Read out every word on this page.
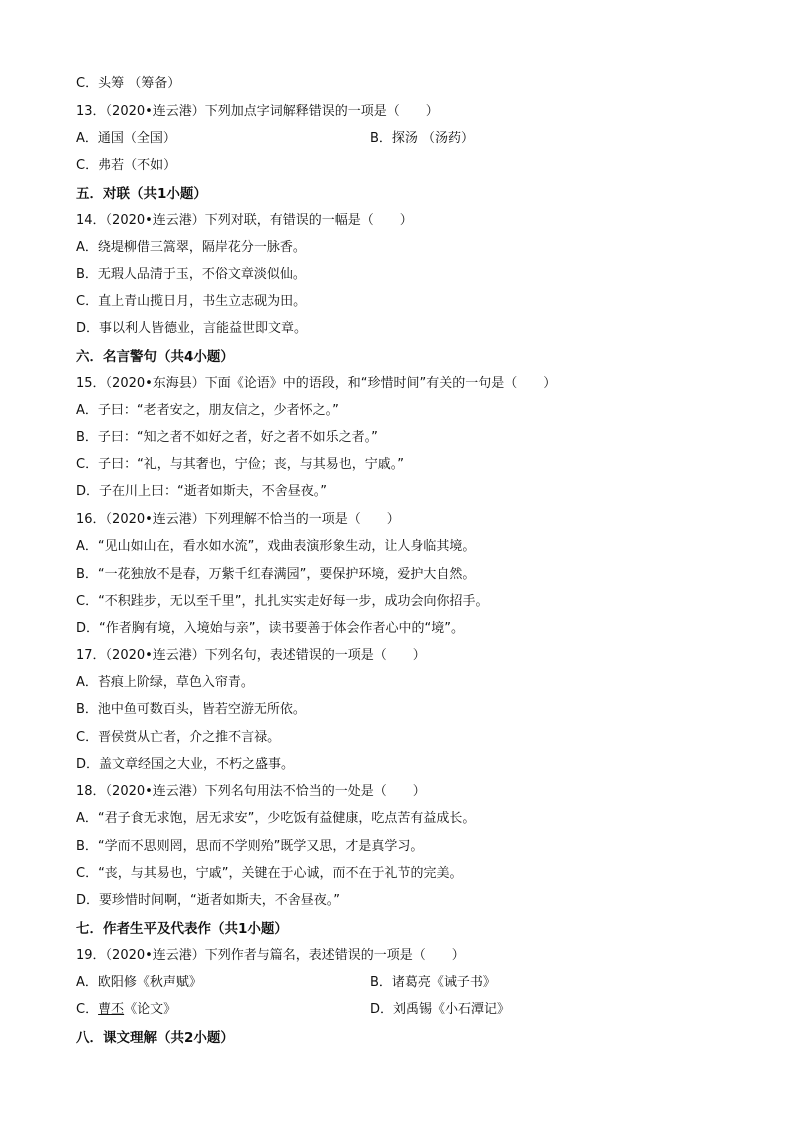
C．头筹 （筹备）
13．（2020•连云港）下列加点字词解释错误的一项是（　　）
A．通国（全国）	B．探汤 （汤药）
C．弗若（不如）
五．对联（共1小题）
14．（2020•连云港）下列对联，有错误的一幅是（　　）
A．绕堤柳借三篙翠，隔岸花分一脉香。
B．无瑕人品清于玉，不俗文章淡似仙。
C．直上青山揽日月，书生立志砚为田。
D．事以利人皆德业，言能益世即文章。
六．名言警句（共4小题）
15．（2020•东海县）下面《论语》中的语段，和“珍惜时间”有关的一句是（　　）
A．子曰：“老者安之，朋友信之，少者怀之。”
B．子曰：“知之者不如好之者，好之者不如乐之者。”
C．子曰：“礼，与其奢也，宁俭；丧，与其易也，宁戚。”
D．子在川上曰：“逝者如斯夫，不舍昼夜。”
16．（2020•连云港）下列理解不恰当的一项是（　　）
A．“见山如山在，看水如水流”，戏曲表演形象生动，让人身临其境。
B．“一花独放不是春，万紫千红春满园”，要保护环境，爱护大自然。
C．“不积跬步，无以至千里”，扎扎实实走好每一步，成功会向你招手。
D．“作者胸有境，入境始与亲”，读书要善于体会作者心中的“境”。
17．（2020•连云港）下列名句，表述错误的一项是（　　）
A．苔痕上阶绿，草色入帘青。
B．池中鱼可数百头，皆若空游无所依。
C．晋侯赏从亡者，介之推不言禄。
D．盖文章经国之大业，不朽之盛事。
18．（2020•连云港）下列名句用法不恰当的一处是（　　）
A．“君子食无求饱，居无求安”，少吃饭有益健康，吃点苦有益成长。
B．“学而不思则罔，思而不学则殆”既学又思，才是真学习。
C．“丧，与其易也，宁戚”，关键在于心诚，而不在于礼节的完美。
D．要珍惜时间啊，“逝者如斯夫，不舍昼夜。”
七．作者生平及代表作（共1小题）
19．（2020•连云港）下列作者与篇名，表述错误的一项是（　　）
A．欧阳修《秋声赋》	B．诸葛亮《诫子书》
C．曹丕《论文》	D．刘禹锡《小石潭记》
八．课文理解（共2小题）
